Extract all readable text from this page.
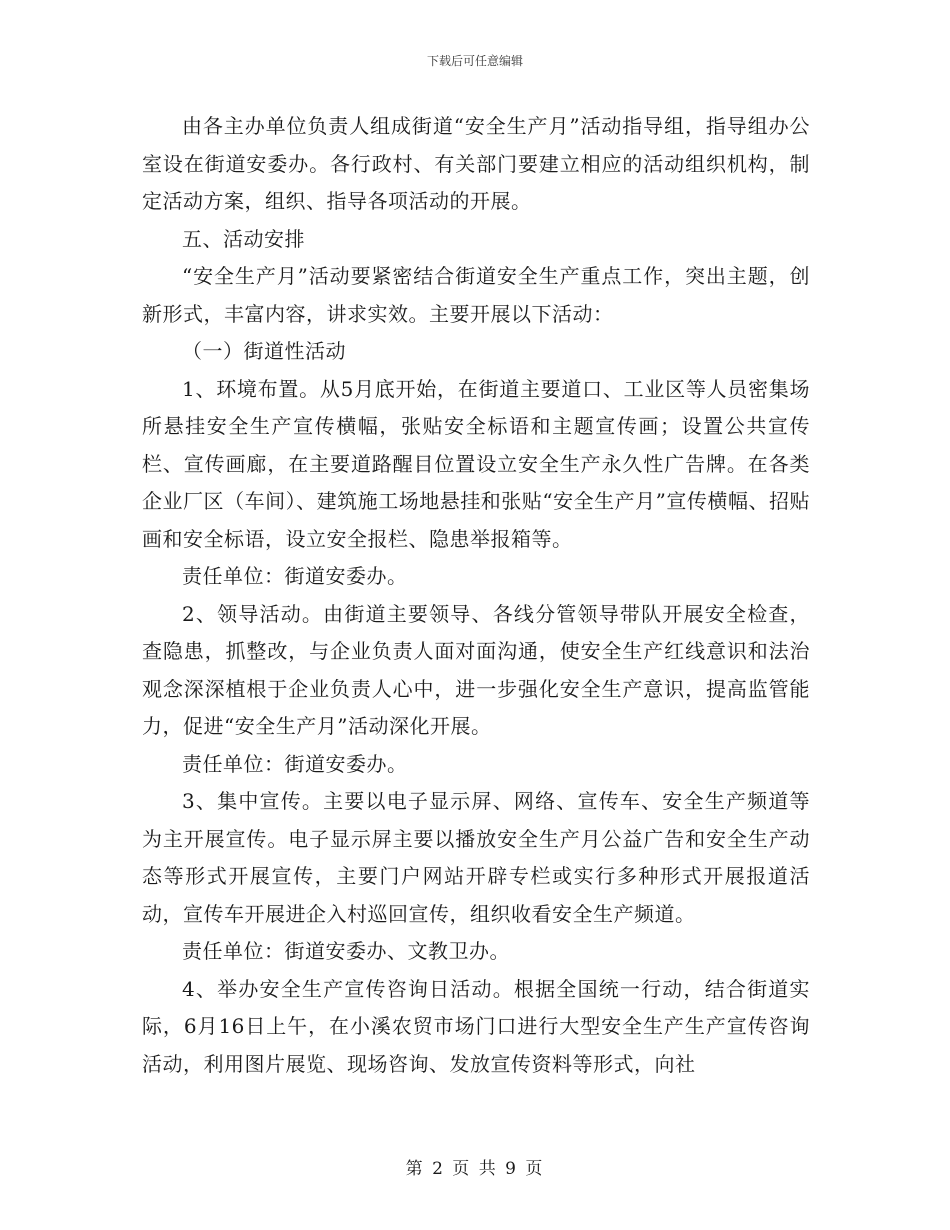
下载后可任意编辑

由各主办单位负责人组成街道“安全生产月”活动指导组，指导组办公室设在街道安委办。各行政村、有关部门要建立相应的活动组织机构，制定活动方案，组织、指导各项活动的开展。

五、活动安排

“安全生产月”活动要紧密结合街道安全生产重点工作，突出主题，创新形式，丰富内容，讲求实效。主要开展以下活动：

（一）街道性活动

1、环境布置。从5月底开始，在街道主要道口、工业区等人员密集场所悬挂安全生产宣传横幅，张贴安全标语和主题宣传画；设置公共宣传栏、宣传画廊，在主要道路醒目位置设立安全生产永久性广告牌。在各类企业厂区（车间）、建筑施工场地悬挂和张贴“安全生产月”宣传横幅、招贴画和安全标语，设立安全报栏、隐患举报箱等。

责任单位：街道安委办。

2、领导活动。由街道主要领导、各线分管领导带队开展安全检查，查隐患，抓整改，与企业负责人面对面沟通，使安全生产红线意识和法治观念深深植根于企业负责人心中，进一步强化安全生产意识，提高监管能力，促进“安全生产月”活动深化开展。

责任单位：街道安委办。

3、集中宣传。主要以电子显示屏、网络、宣传车、安全生产频道等为主开展宣传。电子显示屏主要以播放安全生产月公益广告和安全生产动态等形式开展宣传，主要门户网站开辟专栏或实行多种形式开展报道活动，宣传车开展进企入村巡回宣传，组织收看安全生产频道。

责任单位：街道安委办、文教卫办。

4、举办安全生产宣传咨询日活动。根据全国统一行动，结合街道实际，6月16日上午，在小溪农贸市场门口进行大型安全生产生产宣传咨询活动，利用图片展览、现场咨询、发放宣传资料等形式，向社

第 2 页 共 9 页
